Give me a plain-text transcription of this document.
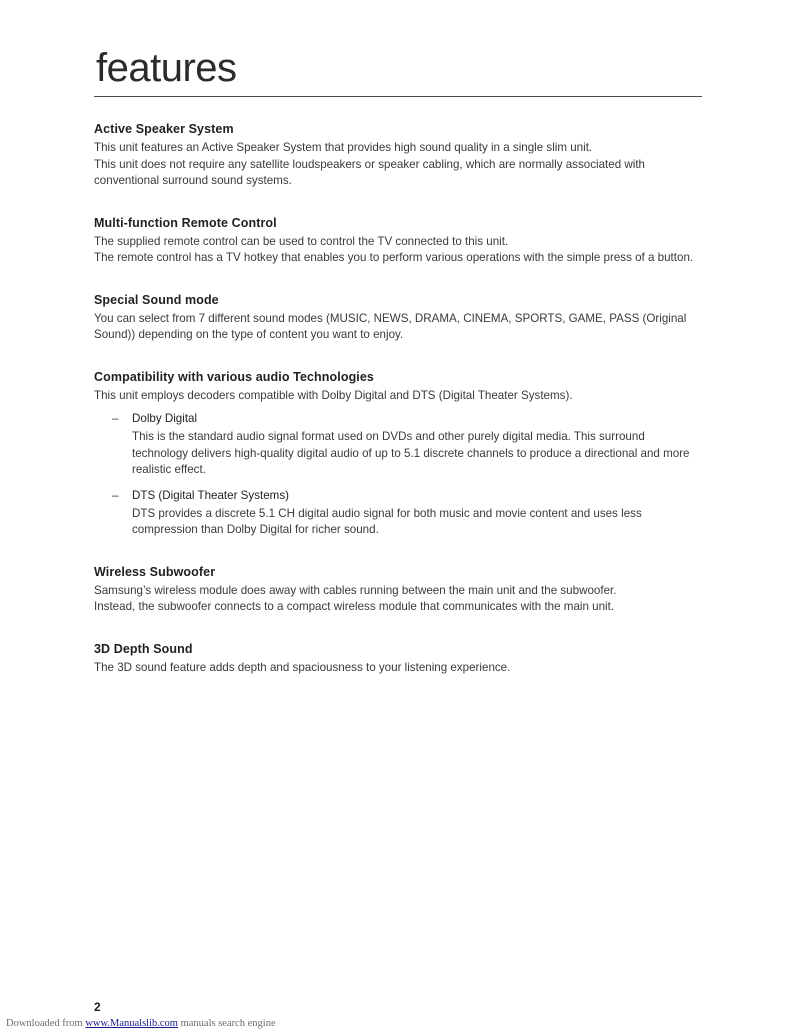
features
Active Speaker System

This unit features an Active Speaker System that provides high sound quality in a single slim unit.

This unit does not require any satellite loudspeakers or speaker cabling, which are normally associated with conventional surround sound systems.

Multi-function Remote Control

The supplied remote control can be used to control the TV connected to this unit.

The remote control has a TV hotkey that enables you to perform various operations with the simple press of a button.

Special Sound mode

You can select from 7 different sound modes (MUSIC, NEWS, DRAMA, CINEMA, SPORTS, GAME, PASS (Original Sound)) depending on the type of content you want to enjoy.

Compatibility with various audio Technologies

This unit employs decoders compatible with Dolby Digital and DTS (Digital Theater Systems).

– Dolby Digital
This is the standard audio signal format used on DVDs and other purely digital media. This surround technology delivers high-quality digital audio of up to 5.1 discrete channels to produce a directional and more realistic effect.
– DTS (Digital Theater Systems)
DTS provides a discrete 5.1 CH digital audio signal for both music and movie content and uses less compression than Dolby Digital for richer sound.
Wireless Subwoofer

Samsung’s wireless module does away with cables running between the main unit and the subwoofer.

Instead, the subwoofer connects to a compact wireless module that communicates with the main unit.

3D Depth Sound

The 3D sound feature adds depth and spaciousness to your listening experience.

2
Downloaded from www.Manualslib.com manuals search engine
